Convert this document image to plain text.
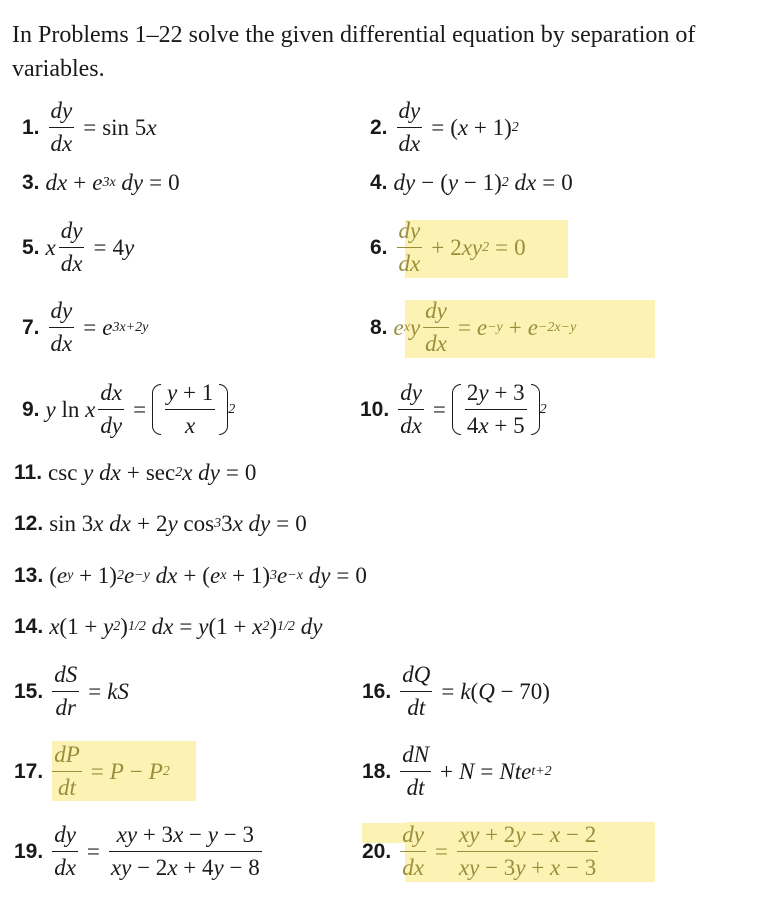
In Problems 1–22 solve the given differential equation by separation of variables.

1. $\frac{dy}{dx} = \sin 5$ x	2. $\frac{dy}{dx}$ = ( x + 1) 2
3. dx + e 3x dy = 0	4. dy − ( y − 1) 2 dx = 0
5. x $\frac{dy}{dx} = 4$ y	6. $\frac{dy}{dx} + 2$ xy 2 = 0
7. $\frac{dy}{dx} = e$ 3x+2y	8. e x y $\frac{dy}{dx} = e -y + e -2x-y$
9. y ln x $\frac{dx}{dy} = \frac{y + 1}{x} 2$	10. $\frac{dy}{dx} = \frac{2y + 3}{4x + 5} 2$
11. csc y dx + sec 2 x dy = 0
12. sin 3 x dx + 2 y cos 3 3 x dy = 0
13. ( e y + 1) 2 e −y dx + ( e x + 1) 3 e −x dy = 0
14. x (1 + y 2 ) 1/2 dx = y (1 + x 2 ) 1/2 dy
15. $\frac{dS}{dr}$ = kS	16. $\frac{dQ}{dt} = k$ ( Q − 70)
17. $\frac{dP}{dt} = P - P$ 2	18. $\frac{dN}{dt} + N$ = Nte t+2
19. $\frac{dy}{dx} = \frac{xy + 3x - y - 3}{xy - 2x + 4y - 8}$	20. $\frac{dy}{dx} = \frac{xy + 2y - x - 2}{xy - 3y + x - 3}$
